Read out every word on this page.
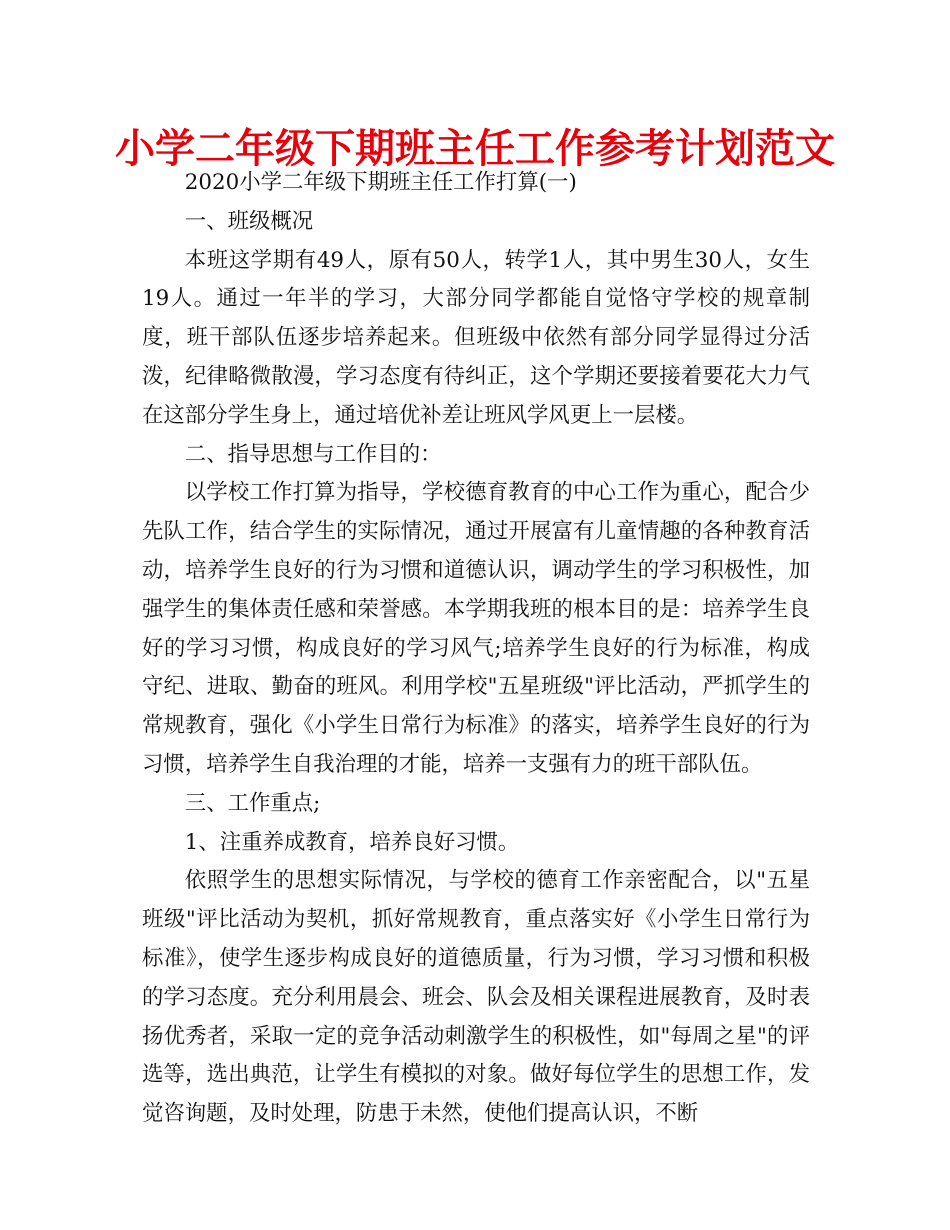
小学二年级下期班主任工作参考计划范文

2020小学二年级下期班主任工作打算(一)

一、班级概况

本班这学期有49人，原有50人，转学1人，其中男生30人，女生19人。通过一年半的学习，大部分同学都能自觉恪守学校的规章制度，班干部队伍逐步培养起来。但班级中依然有部分同学显得过分活泼，纪律略微散漫，学习态度有待纠正，这个学期还要接着要花大力气在这部分学生身上，通过培优补差让班风学风更上一层楼。

二、指导思想与工作目的：

以学校工作打算为指导，学校德育教育的中心工作为重心，配合少先队工作，结合学生的实际情况，通过开展富有儿童情趣的各种教育活动，培养学生良好的行为习惯和道德认识，调动学生的学习积极性，加强学生的集体责任感和荣誉感。本学期我班的根本目的是：培养学生良好的学习习惯，构成良好的学习风气;培养学生良好的行为标准，构成守纪、进取、勤奋的班风。利用学校"五星班级"评比活动，严抓学生的常规教育，强化《小学生日常行为标准》的落实，培养学生良好的行为习惯，培养学生自我治理的才能，培养一支强有力的班干部队伍。

三、工作重点;

1、注重养成教育，培养良好习惯。

依照学生的思想实际情况，与学校的德育工作亲密配合，以"五星班级"评比活动为契机，抓好常规教育，重点落实好《小学生日常行为标准》，使学生逐步构成良好的道德质量，行为习惯，学习习惯和积极的学习态度。充分利用晨会、班会、队会及相关课程进展教育，及时表扬优秀者，采取一定的竞争活动刺激学生的积极性，如"每周之星"的评选等，选出典范，让学生有模拟的对象。做好每位学生的思想工作，发觉咨询题，及时处理，防患于未然，使他们提高认识，不断
